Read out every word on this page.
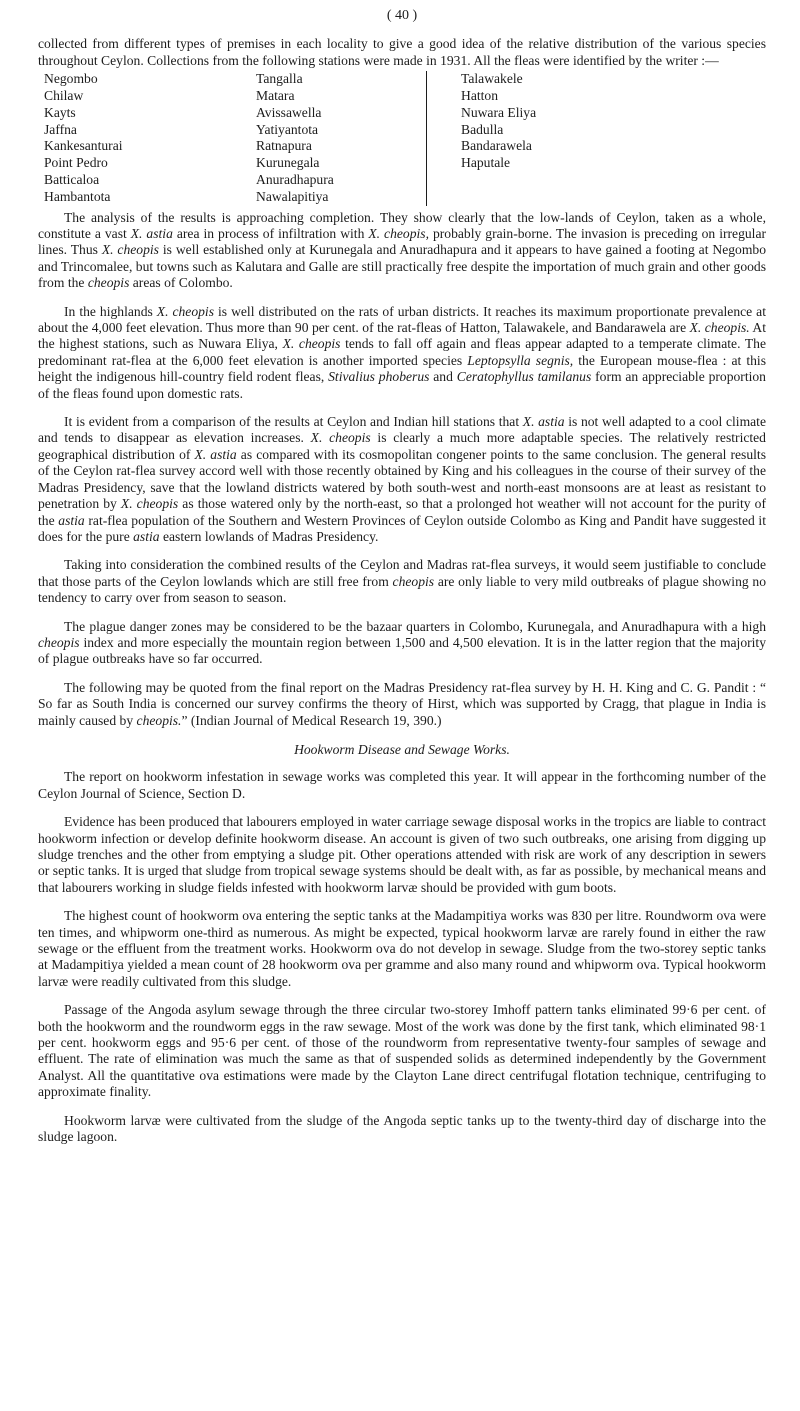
( 40 )

collected from different types of premises in each locality to give a good idea of the relative distribution of the various species throughout Ceylon. Collections from the following stations were made in 1931. All the fleas were identified by the writer :—

Negombo
Chilaw
Kayts
Jaffna
Kankesanturai
Point Pedro
Batticaloa
Hambantota
Tangalla
Matara
Avissawella
Yatiyantota
Ratnapura
Kurunegala
Anuradhapura
Nawalapitiya
Talawakele
Hatton
Nuwara Eliya
Badulla
Bandarawela
Haputale

The analysis of the results is approaching completion. They show clearly that the low-lands of Ceylon, taken as a whole, constitute a vast X. astia area in process of infiltration with X. cheopis, probably grain-borne. The invasion is preceding on irregular lines. Thus X. cheopis is well established only at Kurunegala and Anuradhapura and it appears to have gained a footing at Negombo and Trincomalee, but towns such as Kalutara and Galle are still practically free despite the importation of much grain and other goods from the cheopis areas of Colombo.

In the highlands X. cheopis is well distributed on the rats of urban districts. It reaches its maximum proportionate prevalence at about the 4,000 feet elevation. Thus more than 90 per cent. of the rat-fleas of Hatton, Talawakele, and Bandarawela are X. cheopis. At the highest stations, such as Nuwara Eliya, X. cheopis tends to fall off again and fleas appear adapted to a temperate climate. The predominant rat-flea at the 6,000 feet elevation is another imported species Leptopsylla segnis, the European mouse-flea : at this height the indigenous hill-country field rodent fleas, Stivalius phoberus and Ceratophyllus tamilanus form an appreciable proportion of the fleas found upon domestic rats.

It is evident from a comparison of the results at Ceylon and Indian hill stations that X. astia is not well adapted to a cool climate and tends to disappear as elevation increases. X. cheopis is clearly a much more adaptable species. The relatively restricted geographical distribution of X. astia as compared with its cosmopolitan congener points to the same conclusion. The general results of the Ceylon rat-flea survey accord well with those recently obtained by King and his colleagues in the course of their survey of the Madras Presidency, save that the lowland districts watered by both south-west and north-east monsoons are at least as resistant to penetration by X. cheopis as those watered only by the north-east, so that a prolonged hot weather will not account for the purity of the astia rat-flea population of the Southern and Western Provinces of Ceylon outside Colombo as King and Pandit have suggested it does for the pure astia eastern lowlands of Madras Presidency.

Taking into consideration the combined results of the Ceylon and Madras rat-flea surveys, it would seem justifiable to conclude that those parts of the Ceylon lowlands which are still free from cheopis are only liable to very mild outbreaks of plague showing no tendency to carry over from season to season.

The plague danger zones may be considered to be the bazaar quarters in Colombo, Kurunegala, and Anuradhapura with a high cheopis index and more especially the mountain region between 1,500 and 4,500 elevation. It is in the latter region that the majority of plague outbreaks have so far occurred.

The following may be quoted from the final report on the Madras Presidency rat-flea survey by H. H. King and C. G. Pandit : “ So far as South India is concerned our survey confirms the theory of Hirst, which was supported by Cragg, that plague in India is mainly caused by cheopis.” (Indian Journal of Medical Research 19, 390.)

Hookworm Disease and Sewage Works.

The report on hookworm infestation in sewage works was completed this year. It will appear in the forthcoming number of the Ceylon Journal of Science, Section D.

Evidence has been produced that labourers employed in water carriage sewage disposal works in the tropics are liable to contract hookworm infection or develop definite hookworm disease. An account is given of two such outbreaks, one arising from digging up sludge trenches and the other from emptying a sludge pit. Other operations attended with risk are work of any description in sewers or septic tanks. It is urged that sludge from tropical sewage systems should be dealt with, as far as possible, by mechanical means and that labourers working in sludge fields infested with hookworm larvæ should be provided with gum boots.

The highest count of hookworm ova entering the septic tanks at the Madampitiya works was 830 per litre. Roundworm ova were ten times, and whipworm one-third as numerous. As might be expected, typical hookworm larvæ are rarely found in either the raw sewage or the effluent from the treatment works. Hookworm ova do not develop in sewage. Sludge from the two-storey septic tanks at Madampitiya yielded a mean count of 28 hookworm ova per gramme and also many round and whipworm ova. Typical hookworm larvæ were readily cultivated from this sludge.

Passage of the Angoda asylum sewage through the three circular two-storey Imhoff pattern tanks eliminated 99·6 per cent. of both the hookworm and the roundworm eggs in the raw sewage. Most of the work was done by the first tank, which eliminated 98·1 per cent. hookworm eggs and 95·6 per cent. of those of the roundworm from representative twenty-four samples of sewage and effluent. The rate of elimination was much the same as that of suspended solids as determined independently by the Government Analyst. All the quantitative ova estimations were made by the Clayton Lane direct centrifugal flotation technique, centrifuging to approximate finality.

Hookworm larvæ were cultivated from the sludge of the Angoda septic tanks up to the twenty-third day of discharge into the sludge lagoon.
